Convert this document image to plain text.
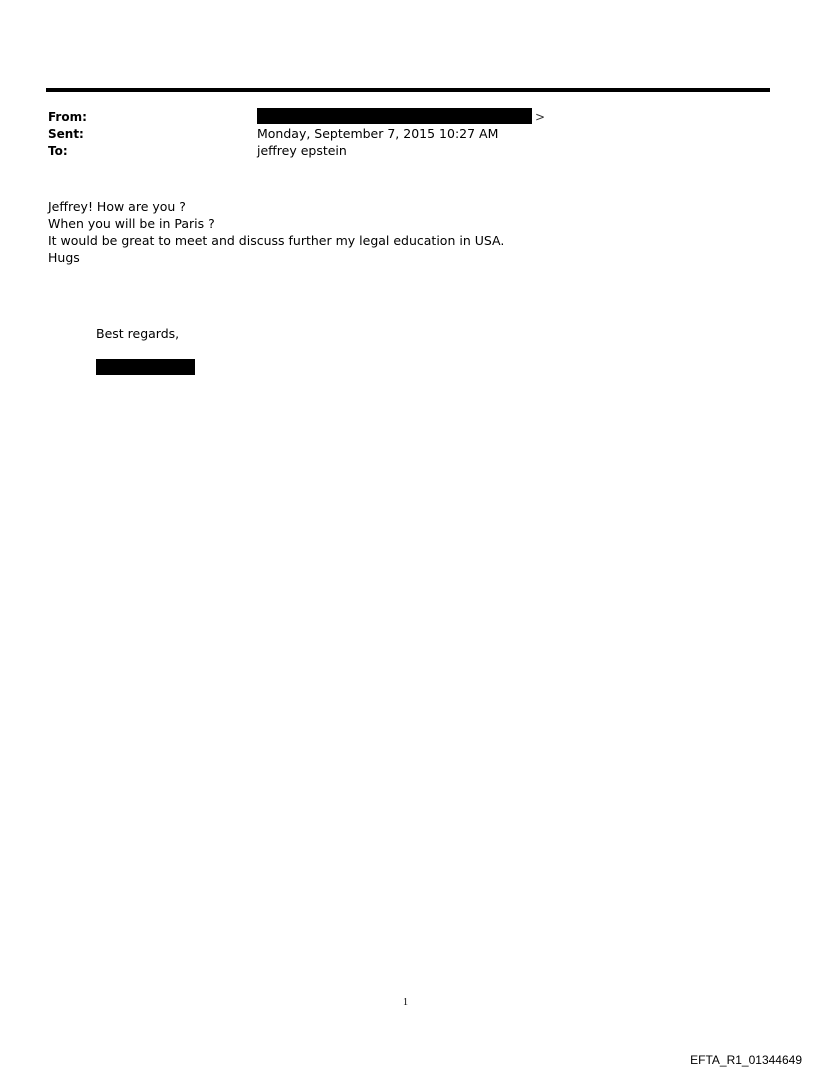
From:	>
Sent:	Monday, September 7, 2015 10:27 AM
To:	jeffrey epstein
Jeffrey! How are you ?
When you will be in Paris ?
It would be great to meet and discuss further my legal education in USA.
Hugs
Best regards,
1
EFTA_R1_01344649
